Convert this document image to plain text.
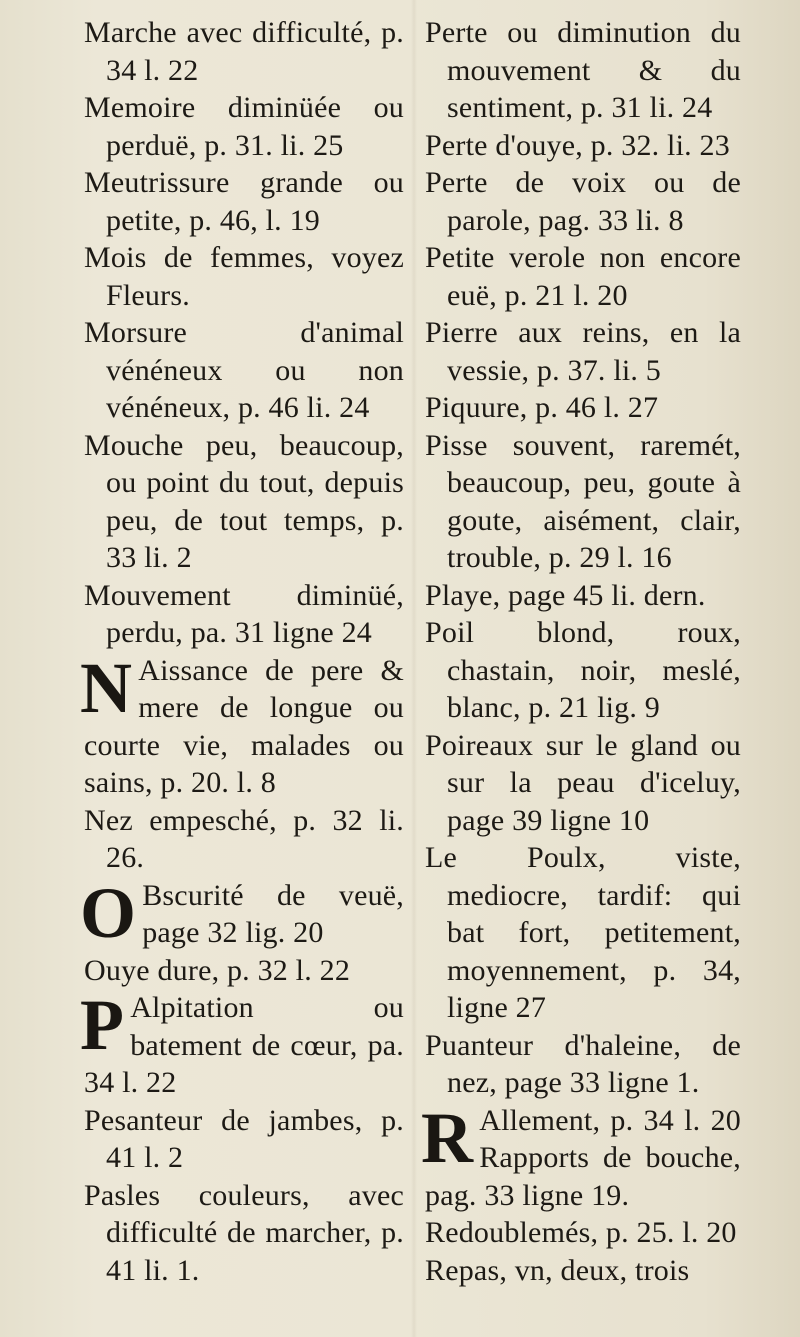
Marche avec difficulté, p. 34 l. 22
Memoire diminüée ou perduë, p. 31. li. 25
Meutrissure grande ou petite, p. 46, l. 19
Mois de femmes, voyez Fleurs.
Morsure d'animal vénéneux ou non vénéneux, p. 46 li. 24
Mouche peu, beaucoup, ou point du tout, depuis peu, de tout temps, p. 33 li. 2
Mouvement diminüé, perdu, pa. 31 ligne 24
N Aissance de pere & mere de longue ou courte vie, malades ou sains, p. 20. l. 8
Nez empesché, p. 32 li. 26.
O Bscurité de veuë, page 32 lig. 20
Ouye dure, p. 32 l. 22
P Alpitation ou batement de cœur, pa. 34 l. 22
Pesanteur de jambes, p. 41 l. 2
Pasles couleurs, avec difficulté de marcher, p. 41 li. 1.
Perte ou diminution du mouvement & du sentiment, p. 31 li. 24
Perte d'ouye, p. 32. li. 23
Perte de voix ou de parole, pag. 33 li. 8
Petite verole non encore euë, p. 21 l. 20
Pierre aux reins, en la vessie, p. 37. li. 5
Piquure, p. 46 l. 27
Pisse souvent, raremét, beaucoup, peu, goute à goute, aisément, clair, trouble, p. 29 l. 16
Playe, page 45 li. dern.
Poil blond, roux, chastain, noir, meslé, blanc, p. 21 lig. 9
Poireaux sur le gland ou sur la peau d'iceluy, page 39 ligne 10
Le Poulx, viste, mediocre, tardif: qui bat fort, petitement, moyennement, p. 34, ligne 27
Puanteur d'haleine, de nez, page 33 ligne 1.
R Allement, p. 34 l. 20 Rapports de bouche, pag. 33 ligne 19.
Redoublemés, p. 25. l. 20
Repas, vn, deux, trois
